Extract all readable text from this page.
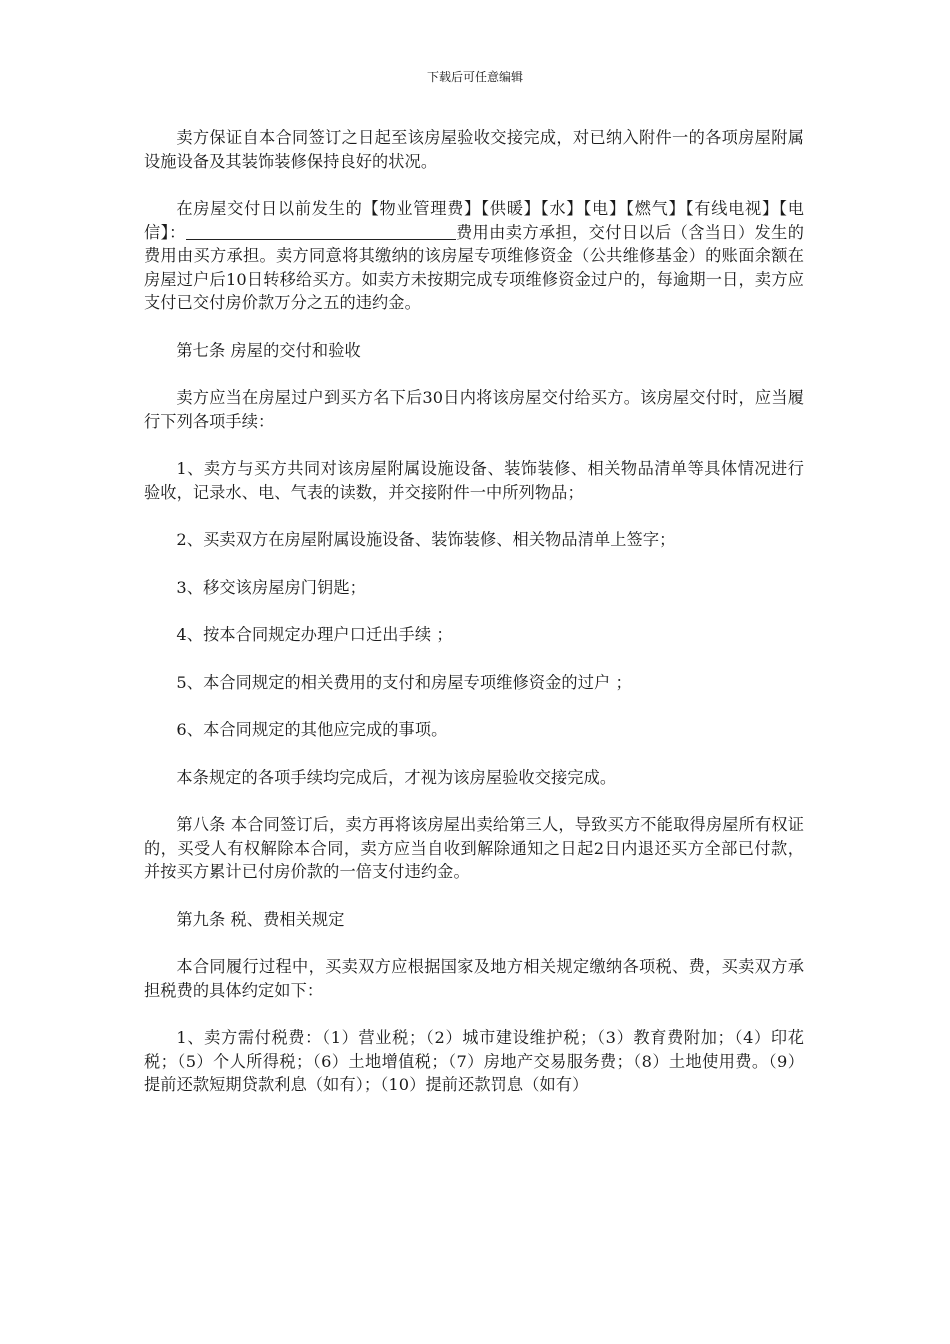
下载后可任意编辑

卖方保证自本合同签订之日起至该房屋验收交接完成，对已纳入附件一的各项房屋附属设施设备及其装饰装修保持良好的状况。

在房屋交付日以前发生的【物业管理费】【供暖】【水】【电】【燃气】【有线电视】【电 信】：	费用由卖方承担，交付日以后（含当日）发生的费用由买方承担。卖方同意将其缴纳的该房屋专项维修资金（公共维修基金）的账面余额在房屋过户后10日转移给买方。如卖方未按期完成专项维修资金过户的，每逾期一日，卖方应支付已交付房价款万分之五的违约金。

第七条 房屋的交付和验收

卖方应当在房屋过户到买方名下后30日内将该房屋交付给买方。该房屋交付时，应当履行下列各项手续：

1、卖方与买方共同对该房屋附属设施设备、装饰装修、相关物品清单等具体情况进行验收，记录水、电、气表的读数，并交接附件一中所列物品；

2、买卖双方在房屋附属设施设备、装饰装修、相关物品清单上签字；

3、移交该房屋房门钥匙；

4、按本合同规定办理户口迁出手续 ；

5、本合同规定的相关费用的支付和房屋专项维修资金的过户 ；

6、本合同规定的其他应完成的事项。

本条规定的各项手续均完成后，才视为该房屋验收交接完成。

第八条 本合同签订后，卖方再将该房屋出卖给第三人，导致买方不能取得房屋所有权证的，买受人有权解除本合同，卖方应当自收到解除通知之日起2日内退还买方全部已付款，并按买方累计已付房价款的一倍支付违约金。

第九条 税、费相关规定

本合同履行过程中，买卖双方应根据国家及地方相关规定缴纳各项税、费，买卖双方承担税费的具体约定如下：

1、卖方需付税费：（1）营业税；（2）城市建设维护税；（3）教育费附加；（4）印花税；（5）个人所得税；（6）土地增值税；（7）房地产交易服务费；（8）土地使用费。（9）提前还款短期贷款利息（如有）；（10）提前还款罚息（如有）
